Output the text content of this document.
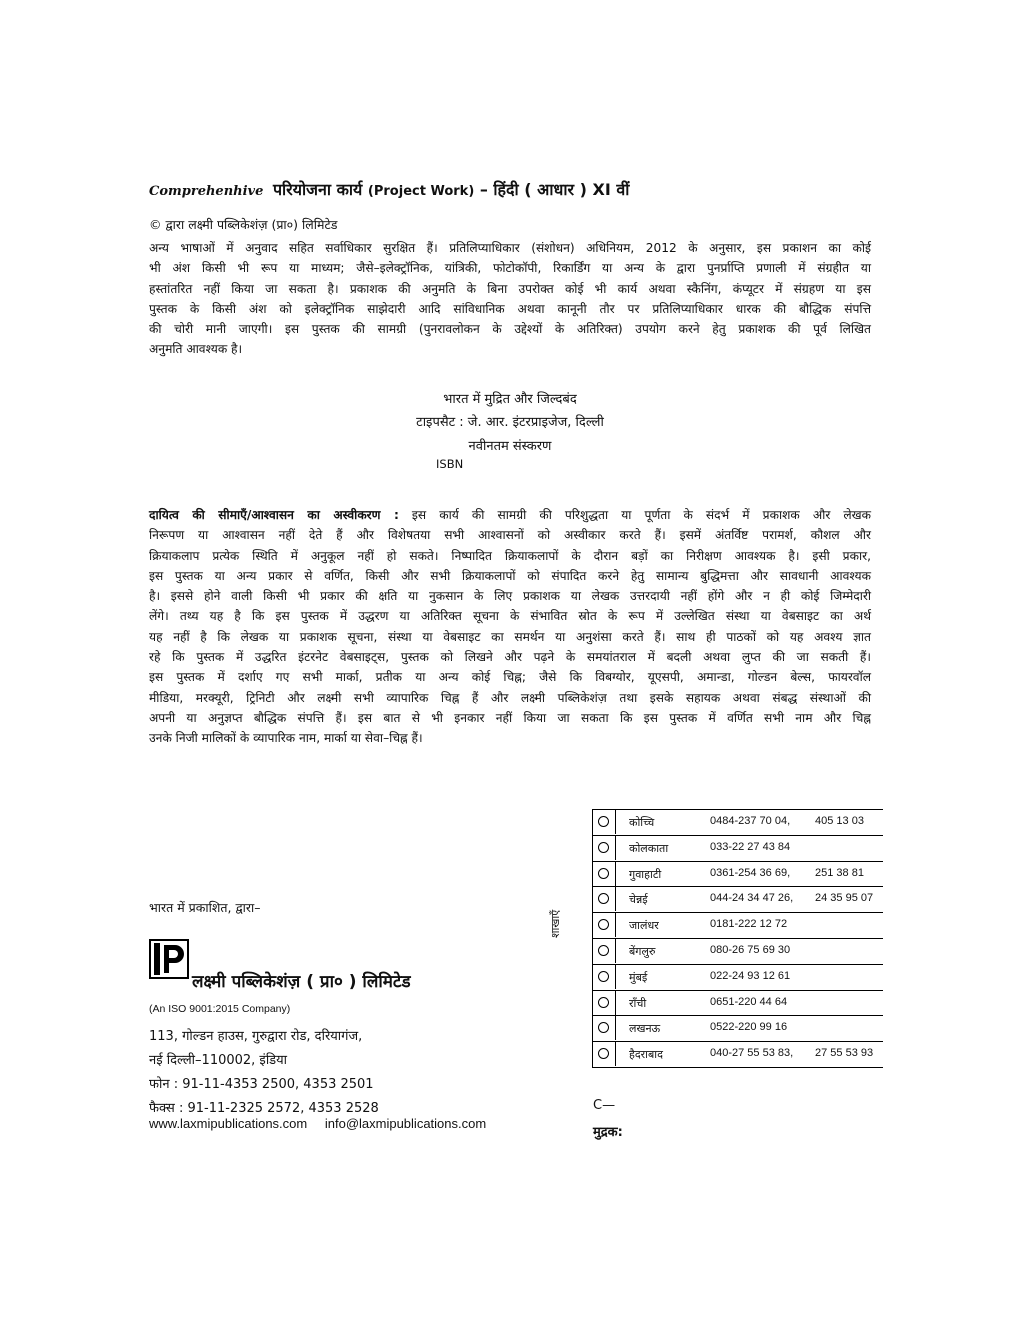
Comprehenhive परियोजना कार्य (Project Work) – हिंदी ( आधार ) XI वीं
© द्वारा लक्ष्मी पब्लिकेशंज़ (प्रा०) लिमिटेड
अन्य भाषाओं में अनुवाद सहित सर्वाधिकार सुरक्षित हैं। प्रतिलिप्याधिकार (संशोधन) अधिनियम, 2012 के अनुसार, इस प्रकाशन का कोई
भी अंश किसी भी रूप या माध्यम; जैसे–इलेक्ट्रॉनिक, यांत्रिकी, फोटोकॉपी, रिकार्डिंग या अन्य के द्वारा पुनर्प्राप्ति प्रणाली में संग्रहीत या
हस्तांतरित नहीं किया जा सकता है। प्रकाशक की अनुमति के बिना उपरोक्त कोई भी कार्य अथवा स्कैनिंग, कंप्यूटर में संग्रहण या इस
पुस्तक के किसी अंश को इलेक्ट्रॉनिक साझेदारी आदि सांविधानिक अथवा कानूनी तौर पर प्रतिलिप्याधिकार धारक की बौद्धिक संपत्ति
की चोरी मानी जाएगी। इस पुस्तक की सामग्री (पुनरावलोकन के उद्देश्यों के अतिरिक्त) उपयोग करने हेतु प्रकाशक की पूर्व लिखित
अनुमति आवश्यक है।
भारत में मुद्रित और जिल्दबंद
टाइपसैट : जे. आर. इंटरप्राइजेज, दिल्ली
नवीनतम संस्करण
ISBN
दायित्व की सीमाएँ/आश्वासन का अस्वीकरण : इस कार्य की सामग्री की परिशुद्धता या पूर्णता के संदर्भ में प्रकाशक और लेखक
निरूपण या आश्वासन नहीं देते हैं और विशेषतया सभी आश्वासनों को अस्वीकार करते हैं। इसमें अंतर्विष्ट परामर्श, कौशल और
क्रियाकलाप प्रत्येक स्थिति में अनुकूल नहीं हो सकते। निष्पादित क्रियाकलापों के दौरान बड़ों का निरीक्षण आवश्यक है। इसी प्रकार,
इस पुस्तक या अन्य प्रकार से वर्णित, किसी और सभी क्रियाकलापों को संपादित करने हेतु सामान्य बुद्धिमत्ता और सावधानी आवश्यक
है। इससे होने वाली किसी भी प्रकार की क्षति या नुकसान के लिए प्रकाशक या लेखक उत्तरदायी नहीं होंगे और न ही कोई जिम्मेदारी
लेंगे। तथ्य यह है कि इस पुस्तक में उद्धरण या अतिरिक्त सूचना के संभावित स्रोत के रूप में उल्लेखित संस्था या वेबसाइट का अर्थ
यह नहीं है कि लेखक या प्रकाशक सूचना, संस्था या वेबसाइट का समर्थन या अनुशंसा करते हैं। साथ ही पाठकों को यह अवश्य ज्ञात
रहे कि पुस्तक में उद्धरित इंटरनेट वेबसाइट्स, पुस्तक को लिखने और पढ़ने के समयांतराल में बदली अथवा लुप्त की जा सकती हैं।
इस पुस्तक में दर्शाए गए सभी मार्का, प्रतीक या अन्य कोई चिह्न; जैसे कि विबग्योर, यूएसपी, अमान्डा, गोल्डन बेल्स, फायरवॉल
मीडिया, मरक्यूरी, ट्रिनिटी और लक्ष्मी सभी व्यापारिक चिह्न हैं और लक्ष्मी पब्लिकेशंज़ तथा इसके सहायक अथवा संबद्ध संस्थाओं की
अपनी या अनुज्ञप्त बौद्धिक संपत्ति हैं। इस बात से भी इनकार नहीं किया जा सकता कि इस पुस्तक में वर्णित सभी नाम और चिह्न
उनके निजी मालिकों के व्यापारिक नाम, मार्का या सेवा–चिह्न हैं।
भारत में प्रकाशित, द्वारा–
लक्ष्मी पब्लिकेशंज़ ( प्रा० ) लिमिटेड
(An ISO 9001:2015 Company)
113, गोल्डन हाउस, गुरुद्वारा रोड, दरियागंज,
नई दिल्ली–110002, इंडिया
फोन : 91-11-4353 2500, 4353 2501
फैक्स : 91-11-2325 2572, 4353 2528
www.laxmipublications.com info@laxmipublications.com
शाखाएँ
कोच्चि	0484-237 70 04, 405 13 03
कोलकाता	033-22 27 43 84
गुवाहाटी	0361-254 36 69, 251 38 81
चेन्नई	044-24 34 47 26, 24 35 95 07
जालंधर	0181-222 12 72
बेंगलुरु	080-26 75 69 30
मुंबई	022-24 93 12 61
राँची	0651-220 44 64
लखनऊ	0522-220 99 16
हैदराबाद	040-27 55 53 83, 27 55 53 93
C—
मुद्रक:
